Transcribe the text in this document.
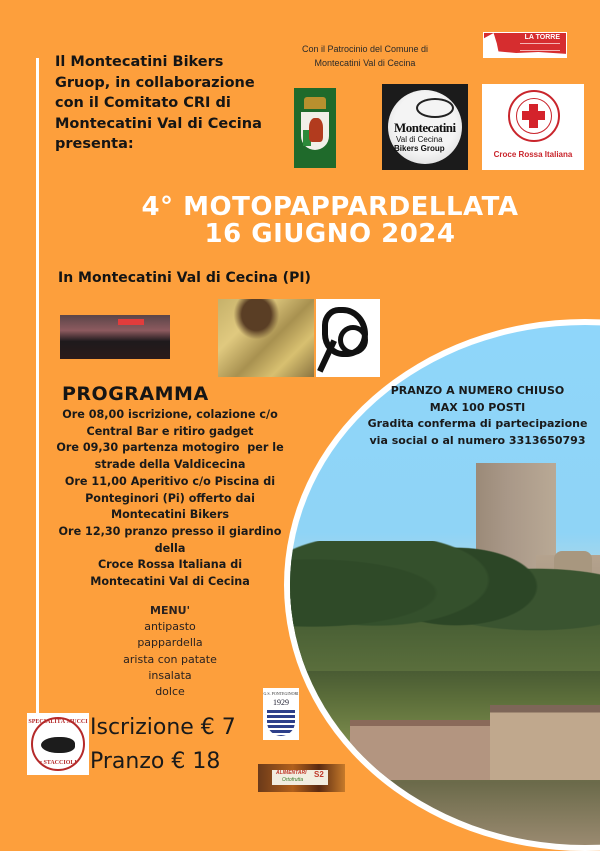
Il Montecatini Bikers
Gruop, in collaborazione
con il Comitato CRI di
Montecatini Val di Cecina
presenta:
Con il Patrocinio del Comune di
Montecatini Val di Cecina
LA TORRE
Montecatini
Val di Cecina
Bikers Group
Croce Rossa Italiana
4° MOTOPAPPARDELLATA
16 GIUGNO 2024
In Montecatini Val di Cecina (PI)
PRANZO A NUMERO CHIUSO
MAX 100 POSTI
Gradita conferma di partecipazione
via social o al numero 3313650793
PROGRAMMA
Ore 08,00 iscrizione, colazione c/o
Central Bar e ritiro gadget
Ore 09,30 partenza motogiro  per le
strade della Valdicecina
Ore 11,00 Aperitivo c/o Piscina di
Ponteginori (Pi) offerto dai
Montecatini Bikers
Ore 12,30 pranzo presso il giardino
della
Croce Rossa Italiana di
Montecatini Val di Cecina
MENU'
antipasto
pappardella
arista con patate
insalata
dolce
SPECIALITÀ MUCCI
e STACCIOLI
Iscrizione € 7
Pranzo € 18
G.S. PONTEGINORI
1929
ALIMENTARI
Ortofrutta
S2
